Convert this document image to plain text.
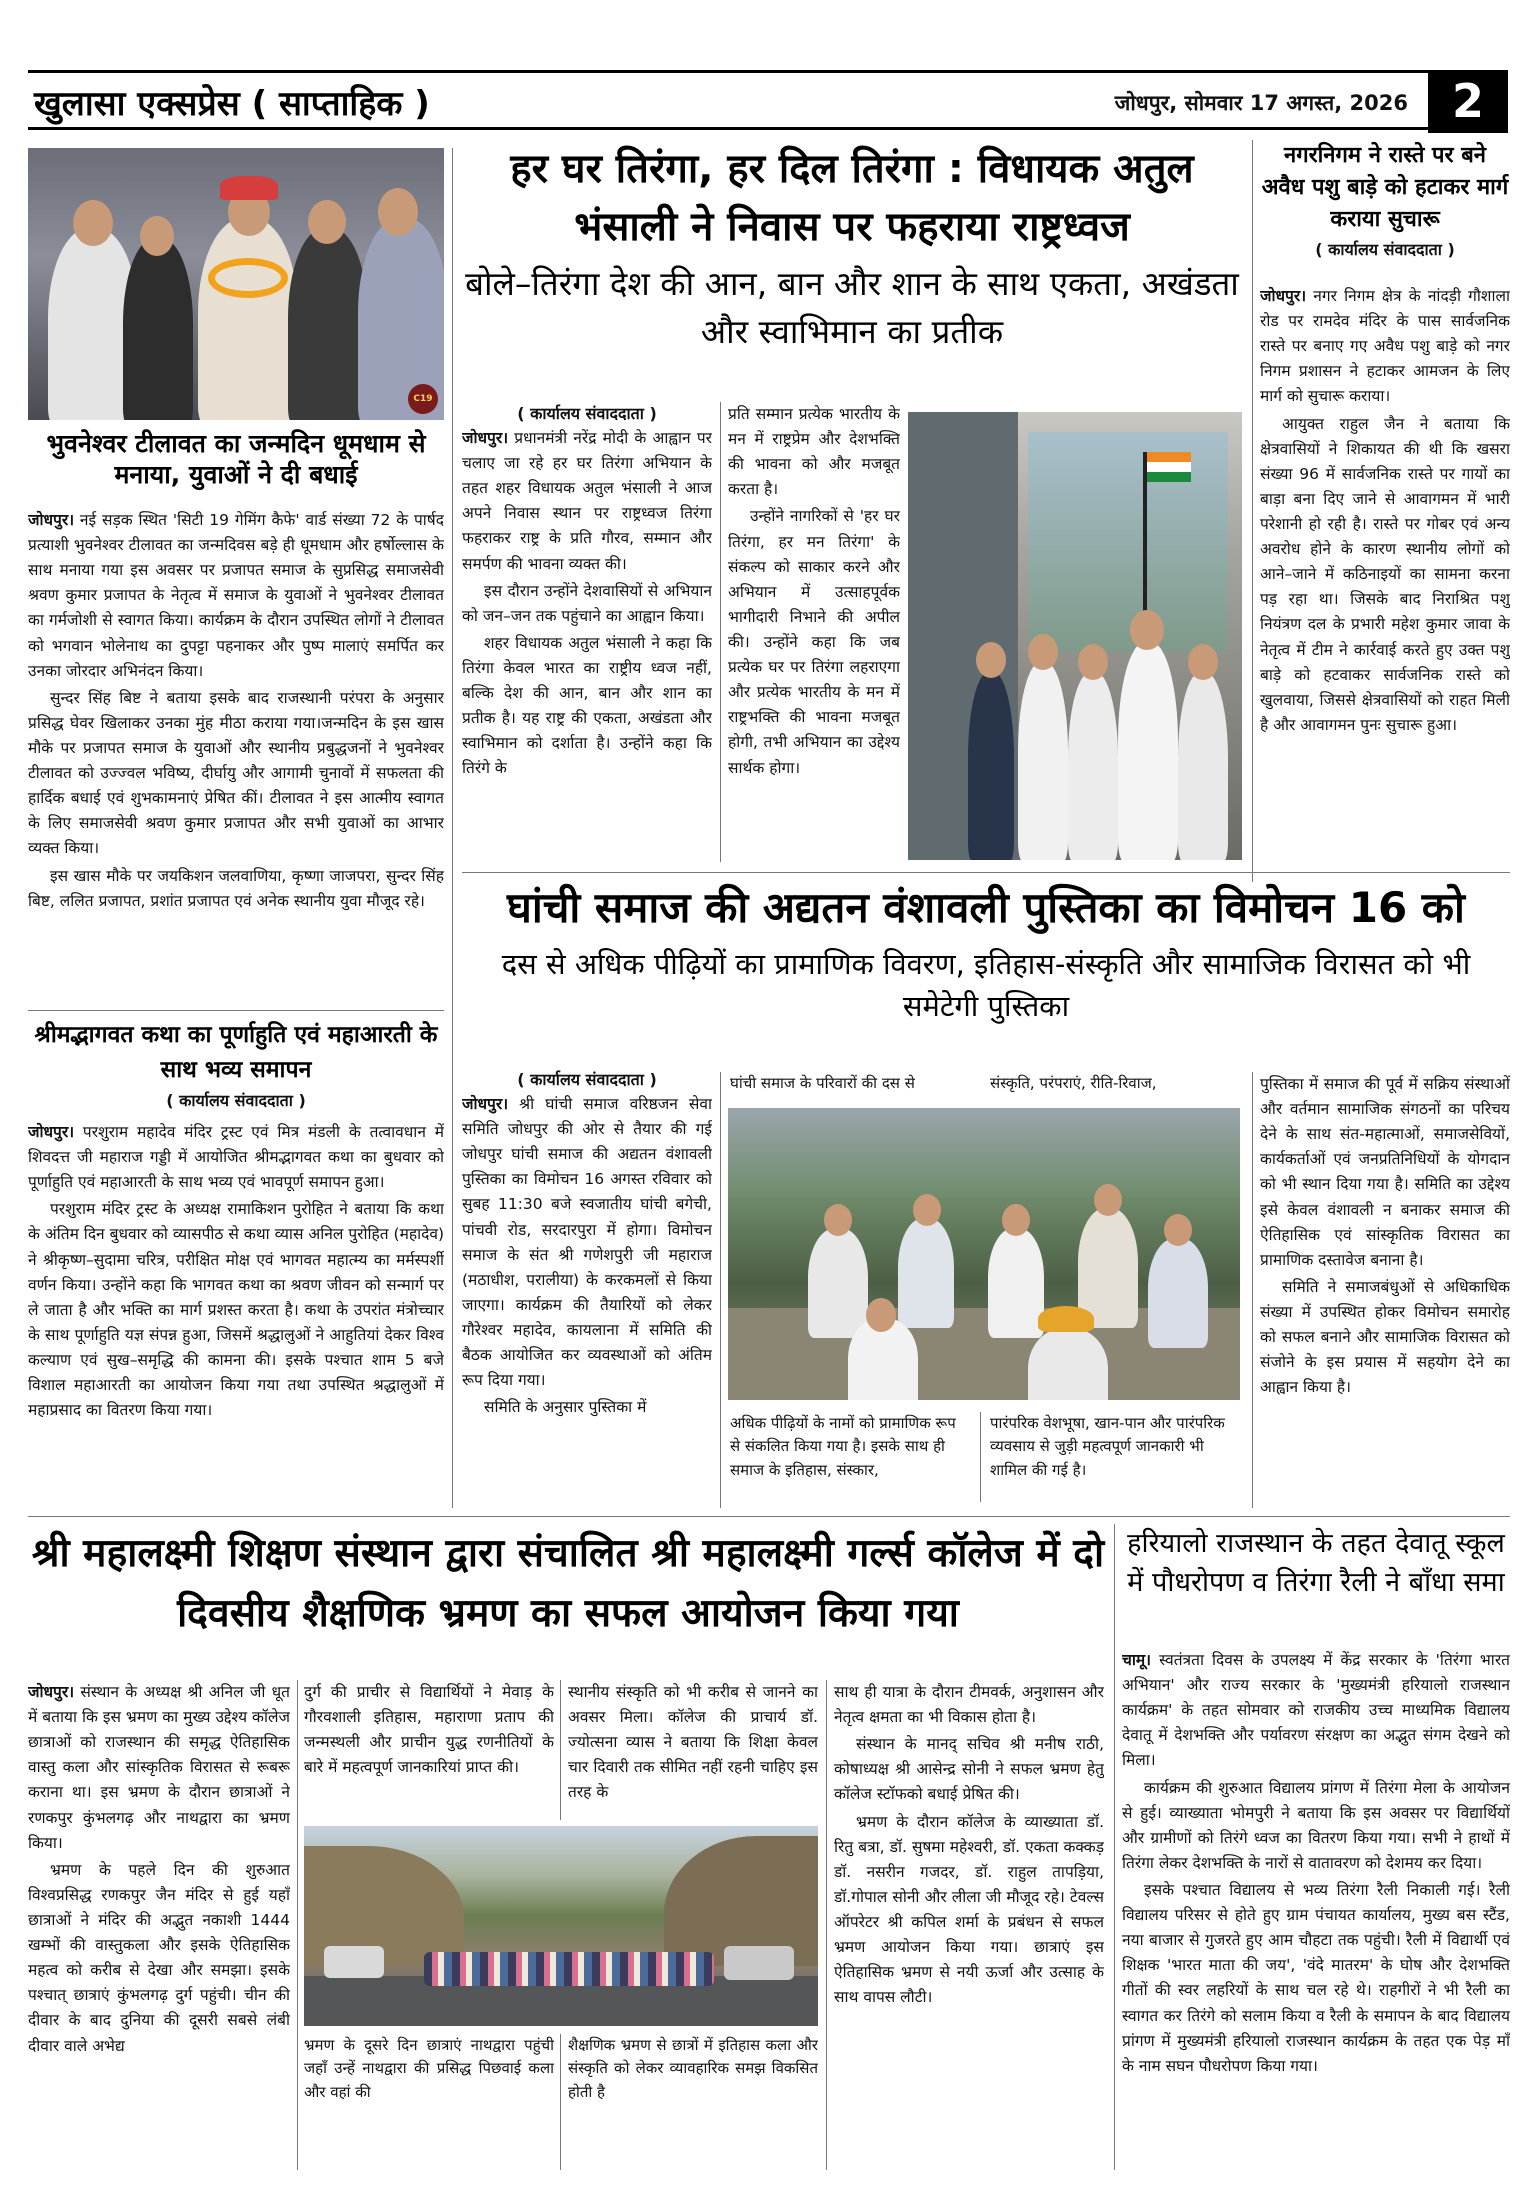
खुलासा एक्सप्रेस ( साप्ताहिक )	जोधपुर, सोमवार 17 अगस्त, 2026 2
C19
भुवनेश्वर टीलावत का जन्मदिन धूमधाम से मनाया, युवाओं ने दी बधाई

जोधपुर। नई सड़क स्थित 'सिटी 19 गेमिंग कैफे' वार्ड संख्या 72 के पार्षद प्रत्याशी भुवनेश्वर टीलावत का जन्मदिवस बड़े ही धूमधाम और हर्षोल्लास के साथ मनाया गया इस अवसर पर प्रजापत समाज के सुप्रसिद्ध समाजसेवी श्रवण कुमार प्रजापत के नेतृत्व में समाज के युवाओं ने भुवनेश्वर टीलावत का गर्मजोशी से स्वागत किया। कार्यक्रम के दौरान उपस्थित लोगों ने टीलावत को भगवान भोलेनाथ का दुपट्टा पहनाकर और पुष्प मालाएं समर्पित कर उनका जोरदार अभिनंदन किया।

सुन्दर सिंह बिष्ट ने बताया इसके बाद राजस्थानी परंपरा के अनुसार प्रसिद्ध घेवर खिलाकर उनका मुंह मीठा कराया गया।जन्मदिन के इस खास मौके पर प्रजापत समाज के युवाओं और स्थानीय प्रबुद्धजनों ने भुवनेश्वर टीलावत को उज्ज्वल भविष्य, दीर्घायु और आगामी चुनावों में सफलता की हार्दिक बधाई एवं शुभकामनाएं प्रेषित कीं। टीलावत ने इस आत्मीय स्वागत के लिए समाजसेवी श्रवण कुमार प्रजापत और सभी युवाओं का आभार व्यक्त किया।

इस खास मौके पर जयकिशन जलवाणिया, कृष्णा जाजपरा, सुन्दर सिंह बिष्ट, ललित प्रजापत, प्रशांत प्रजापत एवं अनेक स्थानीय युवा मौजूद रहे।

हर घर तिरंगा, हर दिल तिरंगा : विधायक अतुल भंसाली ने निवास पर फहराया राष्ट्रध्वज
बोले–तिरंगा देश की आन, बान और शान के साथ एकता, अखंडता और स्वाभिमान का प्रतीक
( कार्यालय संवाददाता )

जोधपुर। प्रधानमंत्री नरेंद्र मोदी के आह्वान पर चलाए जा रहे हर घर तिरंगा अभियान के तहत शहर विधायक अतुल भंसाली ने आज अपने निवास स्थान पर राष्ट्रध्वज तिरंगा फहराकर राष्ट्र के प्रति गौरव, सम्मान और समर्पण की भावना व्यक्त की।

इस दौरान उन्होंने देशवासियों से अभियान को जन–जन तक पहुंचाने का आह्वान किया।

शहर विधायक अतुल भंसाली ने कहा कि तिरंगा केवल भारत का राष्ट्रीय ध्वज नहीं, बल्कि देश की आन, बान और शान का प्रतीक है। यह राष्ट्र की एकता, अखंडता और स्वाभिमान को दर्शाता है। उन्होंने कहा कि तिरंगे के

प्रति सम्मान प्रत्येक भारतीय के मन में राष्ट्रप्रेम और देशभक्ति की भावना को और मजबूत करता है।

उन्होंने नागरिकों से 'हर घर तिरंगा, हर मन तिरंगा' के संकल्प को साकार करने और अभियान में उत्साहपूर्वक भागीदारी निभाने की अपील की। उन्होंने कहा कि जब प्रत्येक घर पर तिरंगा लहराएगा और प्रत्येक भारतीय के मन में राष्ट्रभक्ति की भावना मजबूत होगी, तभी अभियान का उद्देश्य सार्थक होगा।

नगरनिगम ने रास्ते पर बने अवैध पशु बाड़े को हटाकर मार्ग कराया सुचारू
( कार्यालय संवाददाता )

जोधपुर। नगर निगम क्षेत्र के नांदड़ी गौशाला रोड पर रामदेव मंदिर के पास सार्वजनिक रास्ते पर बनाए गए अवैध पशु बाड़े को नगर निगम प्रशासन ने हटाकर आमजन के लिए मार्ग को सुचारू कराया।

आयुक्त राहुल जैन ने बताया कि क्षेत्रवासियों ने शिकायत की थी कि खसरा संख्या 96 में सार्वजनिक रास्ते पर गायों का बाड़ा बना दिए जाने से आवागमन में भारी परेशानी हो रही है। रास्ते पर गोबर एवं अन्य अवरोध होने के कारण स्थानीय लोगों को आने–जाने में कठिनाइयों का सामना करना पड़ रहा था। जिसके बाद निराश्रित पशु नियंत्रण दल के प्रभारी महेश कुमार जावा के नेतृत्व में टीम ने कार्रवाई करते हुए उक्त पशु बाड़े को हटवाकर सार्वजनिक रास्ते को खुलवाया, जिससे क्षेत्रवासियों को राहत मिली है और आवागमन पुनः सुचारू हुआ।

श्रीमद्भागवत कथा का पूर्णाहुति एवं महाआरती के साथ भव्य समापन
( कार्यालय संवाददाता )

जोधपुर। परशुराम महादेव मंदिर ट्रस्ट एवं मित्र मंडली के तत्वावधान में शिवदत्त जी महाराज गड्डी में आयोजित श्रीमद्भागवत कथा का बुधवार को पूर्णाहुति एवं महाआरती के साथ भव्य एवं भावपूर्ण समापन हुआ।

परशुराम मंदिर ट्रस्ट के अध्यक्ष रामाकिशन पुरोहित ने बताया कि कथा के अंतिम दिन बुधवार को व्यासपीठ से कथा व्यास अनिल पुरोहित (महादेव) ने श्रीकृष्ण–सुदामा चरित्र, परीक्षित मोक्ष एवं भागवत महात्म्य का मर्मस्पर्शी वर्णन किया। उन्होंने कहा कि भागवत कथा का श्रवण जीवन को सन्मार्ग पर ले जाता है और भक्ति का मार्ग प्रशस्त करता है। कथा के उपरांत मंत्रोच्चार के साथ पूर्णाहुति यज्ञ संपन्न हुआ, जिसमें श्रद्धालुओं ने आहुतियां देकर विश्व कल्याण एवं सुख–समृद्धि की कामना की। इसके पश्चात शाम 5 बजे विशाल महाआरती का आयोजन किया गया तथा उपस्थित श्रद्धालुओं में महाप्रसाद का वितरण किया गया।

घांची समाज की अद्यतन वंशावली पुस्तिका का विमोचन 16 को
दस से अधिक पीढ़ियों का प्रामाणिक विवरण, इतिहास-संस्कृति और सामाजिक विरासत को भी समेटेगी पुस्तिका
( कार्यालय संवाददाता )

जोधपुर। श्री घांची समाज वरिष्ठजन सेवा समिति जोधपुर की ओर से तैयार की गई जोधपुर घांची समाज की अद्यतन वंशावली पुस्तिका का विमोचन 16 अगस्त रविवार को सुबह 11:30 बजे स्वजातीय घांची बगेची, पांचवी रोड, सरदारपुरा में होगा। विमोचन समाज के संत श्री गणेशपुरी जी महाराज (मठाधीश, परालीया) के करकमलों से किया जाएगा। कार्यक्रम की तैयारियों को लेकर गौरेश्वर महादेव, कायलाना में समिति की बैठक आयोजित कर व्यवस्थाओं को अंतिम रूप दिया गया।

समिति के अनुसार पुस्तिका में

घांची समाज के परिवारों की दस से	संस्कृति, परंपराएं, रीति-रिवाज,
अधिक पीढ़ियों के नामों को प्रामाणिक रूप से संकलित किया गया है। इसके साथ ही समाज के इतिहास, संस्कार,
पारंपरिक वेशभूषा, खान-पान और पारंपरिक व्यवसाय से जुड़ी महत्वपूर्ण जानकारी भी शामिल की गई है।

पुस्तिका में समाज की पूर्व में सक्रिय संस्थाओं और वर्तमान सामाजिक संगठनों का परिचय देने के साथ संत-महात्माओं, समाजसेवियों, कार्यकर्ताओं एवं जनप्रतिनिधियों के योगदान को भी स्थान दिया गया है। समिति का उद्देश्य इसे केवल वंशावली न बनाकर समाज की ऐतिहासिक एवं सांस्कृतिक विरासत का प्रामाणिक दस्तावेज बनाना है।

समिति ने समाजबंधुओं से अधिकाधिक संख्या में उपस्थित होकर विमोचन समारोह को सफल बनाने और सामाजिक विरासत को संजोने के इस प्रयास में सहयोग देने का आह्वान किया है।

श्री महालक्ष्मी शिक्षण संस्थान द्वारा संचालित श्री महालक्ष्मी गर्ल्स कॉलेज में दो दिवसीय शैक्षणिक भ्रमण का सफल आयोजन किया गया

जोधपुर। संस्थान के अध्यक्ष श्री अनिल जी धूत में बताया कि इस भ्रमण का मुख्य उद्देश्य कॉलेज छात्राओं को राजस्थान की समृद्ध ऐतिहासिक वास्तु कला और सांस्कृतिक विरासत से रूबरू कराना था। इस भ्रमण के दौरान छात्राओं ने रणकपुर कुंभलगढ़ और नाथद्वारा का भ्रमण किया।

भ्रमण के पहले दिन की शुरुआत विश्वप्रसिद्ध रणकपुर जैन मंदिर से हुई यहाँ छात्राओं ने मंदिर की अद्भुत नकाशी 1444 खम्भों की वास्तुकला और इसके ऐतिहासिक महत्व को करीब से देखा और समझा। इसके पश्चात् छात्राएं कुंभलगढ़ दुर्ग पहुंची। चीन की दीवार के बाद दुनिया की दूसरी सबसे लंबी दीवार वाले अभेद्य

दुर्ग की प्राचीर से विद्यार्थियों ने मेवाड़ के गौरवशाली इतिहास, महाराणा प्रताप की जन्मस्थली और प्राचीन युद्ध रणनीतियों के बारे में महत्वपूर्ण जानकारियां प्राप्त की।

स्थानीय संस्कृति को भी करीब से जानने का अवसर मिला। कॉलेज की प्राचार्य डॉ. ज्योत्सना व्यास ने बताया कि शिक्षा केवल चार दिवारी तक सीमित नहीं रहनी चाहिए इस तरह के

भ्रमण के दूसरे दिन छात्राएं नाथद्वारा पहुंची जहाँ उन्हें नाथद्वारा की प्रसिद्ध पिछवाई कला और वहां की
शैक्षणिक भ्रमण से छात्रों में इतिहास कला और संस्कृति को लेकर व्यावहारिक समझ विकसित होती है

साथ ही यात्रा के दौरान टीमवर्क, अनुशासन और नेतृत्व क्षमता का भी विकास होता है।

संस्थान के मानद् सचिव श्री मनीष राठी, कोषाध्यक्ष श्री आसेन्द्र सोनी ने सफल भ्रमण हेतु कॉलेज स्टॉफको बधाई प्रेषित की।

भ्रमण के दौरान कॉलेज के व्याख्याता डॉ. रितु बत्रा, डॉ. सुषमा महेश्वरी, डॉ. एकता कक्कड़ डॉ. नसरीन गजदर, डॉ. राहुल तापड़िया, डॉ.गोपाल सोनी और लीला जी मौजूद रहे। टेवल्स ऑपरेटर श्री कपिल शर्मा के प्रबंधन से सफल भ्रमण आयोजन किया गया। छात्राएं इस ऐतिहासिक भ्रमण से नयी ऊर्जा और उत्साह के साथ वापस लौटी।

हरियालो राजस्थान के तहत देवातू स्कूल में पौधरोपण व तिरंगा रैली ने बाँधा समा

चामू। स्वतंत्रता दिवस के उपलक्ष्य में केंद्र सरकार के 'तिरंगा भारत अभियान' और राज्य सरकार के 'मुख्यमंत्री हरियालो राजस्थान कार्यक्रम' के तहत सोमवार को राजकीय उच्च माध्यमिक विद्यालय देवातू में देशभक्ति और पर्यावरण संरक्षण का अद्भुत संगम देखने को मिला।

कार्यक्रम की शुरुआत विद्यालय प्रांगण में तिरंगा मेला के आयोजन से हुई। व्याख्याता भोमपुरी ने बताया कि इस अवसर पर विद्यार्थियों और ग्रामीणों को तिरंगे ध्वज का वितरण किया गया। सभी ने हाथों में तिरंगा लेकर देशभक्ति के नारों से वातावरण को देशमय कर दिया।

इसके पश्चात विद्यालय से भव्य तिरंगा रैली निकाली गई। रैली विद्यालय परिसर से होते हुए ग्राम पंचायत कार्यालय, मुख्य बस स्टैंड, नया बाजार से गुजरते हुए आम चौहटा तक पहुंची। रैली में विद्यार्थी एवं शिक्षक 'भारत माता की जय', 'वंदे मातरम' के घोष और देशभक्ति गीतों की स्वर लहरियों के साथ चल रहे थे। राहगीरों ने भी रैली का स्वागत कर तिरंगे को सलाम किया व रैली के समापन के बाद विद्यालय प्रांगण में मुख्यमंत्री हरियालो राजस्थान कार्यक्रम के तहत एक पेड़ माँ के नाम सघन पौधरोपण किया गया।
